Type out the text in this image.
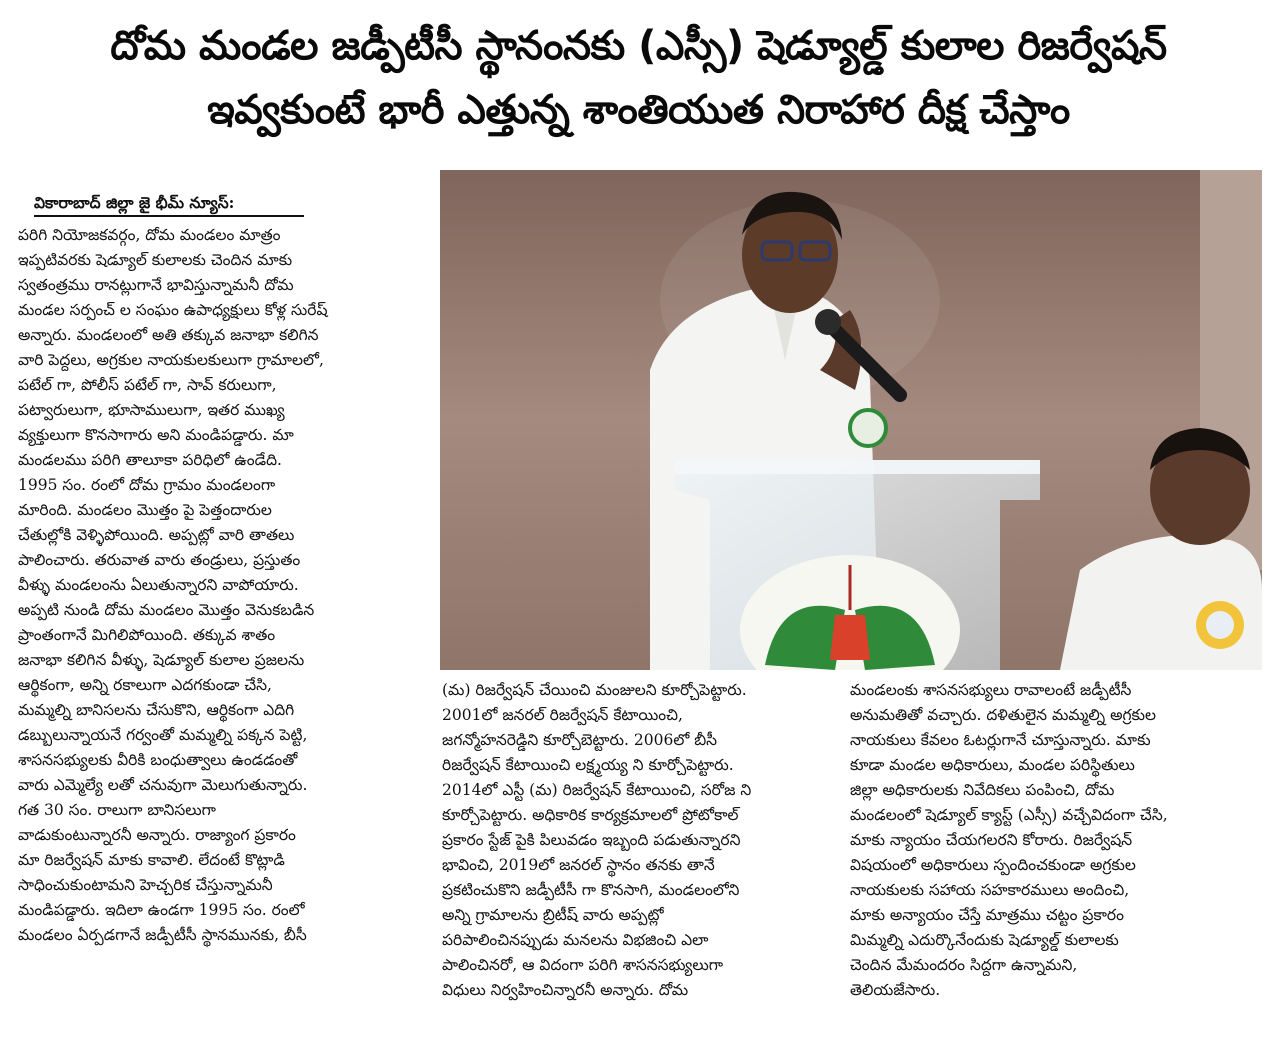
దోమ మండల జడ్పీటీసీ స్థానంనకు (ఎస్సీ) షెడ్యూల్డ్ కులాల రిజర్వేషన్
ఇవ్వకుంటే భారీ ఎత్తున్న శాంతియుత నిరాహార దీక్ష చేస్తాం
వికారాబాద్ జిల్లా జై భీమ్ న్యూస్:
పరిగి నియోజకవర్గం, దోమ మండలం మాత్రం
ఇప్పటివరకు షెడ్యూల్ కులాలకు చెందిన మాకు
స్వతంత్రము రానట్లుగానే భావిస్తున్నామనీ దోమ
మండల సర్పంచ్ ల సంఘం ఉపాధ్యక్షులు కోళ్ల సురేష్
అన్నారు. మండలంలో అతి తక్కువ జనాభా కలిగిన
వారి పెద్దలు, అగ్రకుల నాయకులకులుగా గ్రామాలలో,
పటేల్ గా, పోలీస్ పటేల్ గా, సావ్ కరులుగా,
పట్వారులుగా, భూసాములుగా, ఇతర ముఖ్య
వ్యక్తులుగా కొనసాగారు అని మండిపడ్డారు. మా
మండలము పరిగి తాలూకా పరిధిలో ఉండేది.
1995 సం. రంలో దోమ గ్రామం మండలంగా
మారింది. మండలం మొత్తం పై పెత్తందారుల
చేతుల్లోకి వెళ్ళిపోయింది. అప్పట్లో వారి తాతలు
పాలించారు. తరువాత వారు తండ్రులు, ప్రస్తుతం
వీళ్ళు మండలంను ఏలుతున్నారని వాపోయారు.
అప్పటి నుండి దోమ మండలం మొత్తం వెనుకబడిన
ప్రాంతంగానే మిగిలిపోయింది. తక్కువ శాతం
జనాభా కలిగిన వీళ్ళు, షెడ్యూల్ కులాల ప్రజలను
ఆర్థికంగా, అన్ని రకాలుగా ఎదగకుండా చేసి,
మమ్మల్ని బానిసలను చేసుకొని, ఆర్థికంగా ఎదిగి
డబ్బులున్నాయనే గర్వంతో మమ్మల్ని పక్కన పెట్టి,
శాసనసభ్యులకు వీరికి బంధుత్వాలు ఉండడంతో
వారు ఎమ్మెల్యే లతో చనువుగా మెలుగుతున్నారు.
గత 30 సం. రాలుగా బానిసలుగా
వాడుకుంటున్నారనీ అన్నారు. రాజ్యాంగ ప్రకారం
మా రిజర్వేషన్ మాకు కావాలి. లేదంటే కొట్లాడి
సాధించుకుంటామని హెచ్చరిక చేస్తున్నామనీ
మండిపడ్డారు. ఇదిలా ఉండగా 1995 సం. రంలో
మండలం ఏర్పడగానే జడ్పీటీసీ స్థానమునకు, బీసీ
(మ) రిజర్వేషన్ చేయించి మంజులని కూర్చోపెట్టారు.
2001లో జనరల్ రిజర్వేషన్ కేటాయించి,
జగన్మోహనరెడ్డిని కూర్చోబెట్టారు. 2006లో బీసీ
రిజర్వేషన్ కేటాయించి లక్ష్మయ్య ని కూర్చోపెట్టారు.
2014లో ఎస్టీ (మ) రిజర్వేషన్ కేటాయించి, సరోజ ని
కూర్చోపెట్టారు. అధికారిక కార్యక్రమాలలో ప్రోటోకాల్
ప్రకారం స్టేజ్ పైకి పిలువడం ఇబ్బంది పడుతున్నారని
భావించి, 2019లో జనరల్ స్థానం తనకు తానే
ప్రకటించుకొని జడ్పీటీసీ గా కొనసాగి, మండలంలోని
అన్ని గ్రామాలను బ్రిటీష్ వారు అప్పట్లో
పరిపాలించినప్పుడు మనలను విభజించి ఎలా
పాలించినరో, ఆ విదంగా పరిగి శాసనసభ్యులుగా
విధులు నిర్వహించిన్నారనీ అన్నారు. దోమ
మండలంకు శాసనసభ్యులు రావాలంటే జడ్పీటీసీ
అనుమతితో వచ్చారు. దళితులైన మమ్మల్ని అగ్రకుల
నాయకులు కేవలం ఓటర్లుగానే చూస్తున్నారు. మాకు
కూడా మండల అధికారులు, మండల పరిస్థితులు
జిల్లా అధికారులకు నివేదికలు పంపించి, దోమ
మండలంలో షెడ్యూల్ క్యాస్ట్ (ఎస్సీ) వచ్చేవిదంగా చేసి,
మాకు న్యాయం చేయగలరని కోరారు. రిజర్వేషన్
విషయంలో అధికారులు స్పందించకుండా అగ్రకుల
నాయకులకు సహాయ సహకారములు అందించి,
మాకు అన్యాయం చేస్తే మాత్రము చట్టం ప్రకారం
మిమ్మల్ని ఎదుర్కొనేందుకు షెడ్యూల్డ్ కులాలకు
చెందిన మేమందరం సిద్దగా ఉన్నామని,
తెలియజేసారు.
